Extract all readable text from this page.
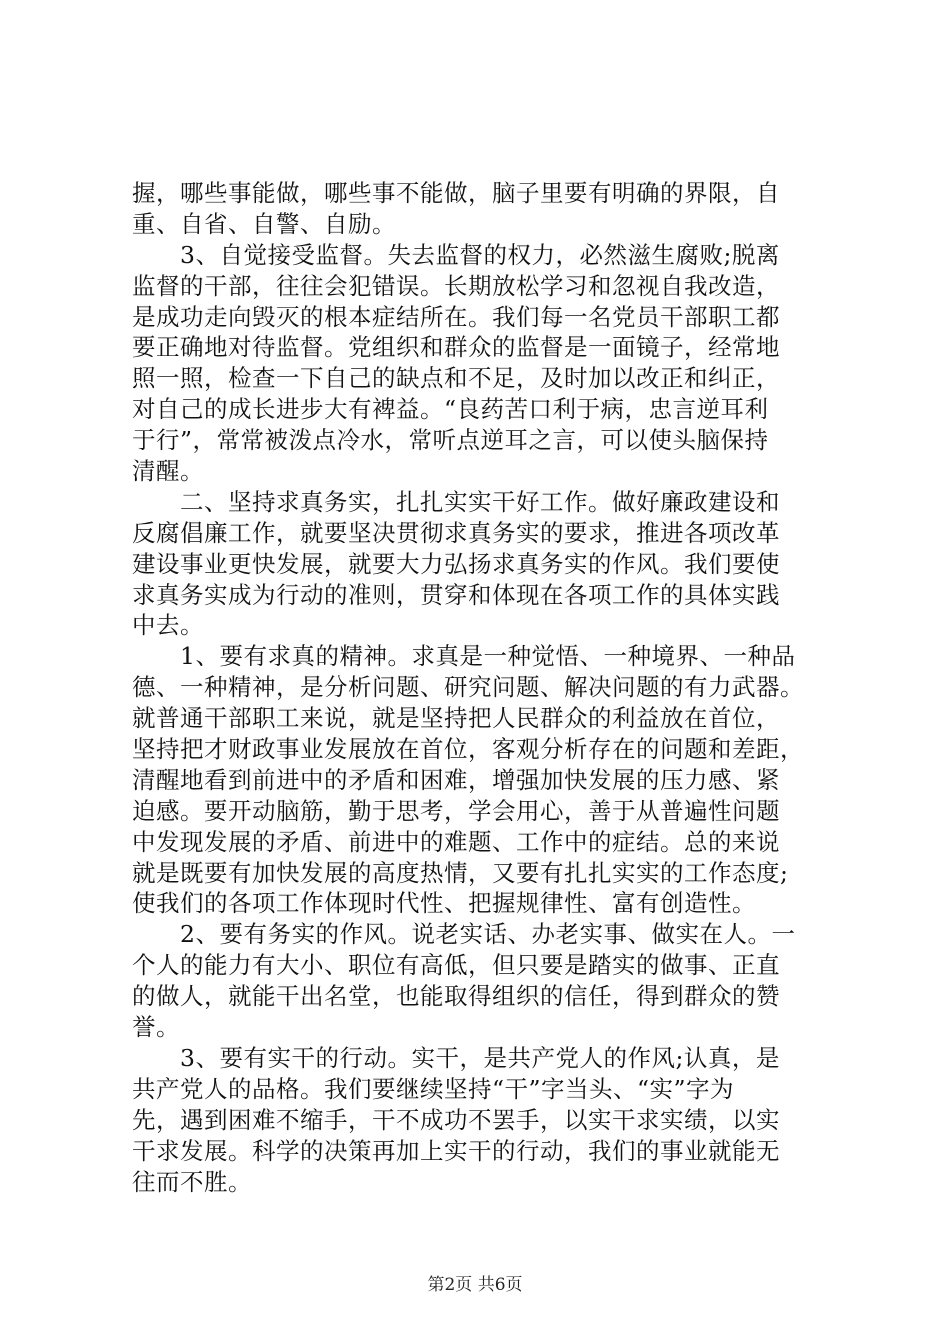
握，哪些事能做，哪些事不能做，脑子里要有明确的界限，自
重、自省、自警、自励。
　　3、自觉接受监督。失去监督的权力，必然滋生腐败;脱离
监督的干部，往往会犯错误。长期放松学习和忽视自我改造，
是成功走向毁灭的根本症结所在。我们每一名党员干部职工都
要正确地对待监督。党组织和群众的监督是一面镜子，经常地
照一照，检查一下自己的缺点和不足，及时加以改正和纠正，
对自己的成长进步大有裨益。“良药苦口利于病，忠言逆耳利
于行”，常常被泼点冷水，常听点逆耳之言，可以使头脑保持
清醒。
　　二、坚持求真务实，扎扎实实干好工作。做好廉政建设和
反腐倡廉工作，就要坚决贯彻求真务实的要求，推进各项改革
建设事业更快发展，就要大力弘扬求真务实的作风。我们要使
求真务实成为行动的准则，贯穿和体现在各项工作的具体实践
中去。
　　1、要有求真的精神。求真是一种觉悟、一种境界、一种品
德、一种精神，是分析问题、研究问题、解决问题的有力武器。
就普通干部职工来说，就是坚持把人民群众的利益放在首位，
坚持把才财政事业发展放在首位，客观分析存在的问题和差距，
清醒地看到前进中的矛盾和困难，增强加快发展的压力感、紧
迫感。要开动脑筋，勤于思考，学会用心，善于从普遍性问题
中发现发展的矛盾、前进中的难题、工作中的症结。总的来说
就是既要有加快发展的高度热情，又要有扎扎实实的工作态度;
使我们的各项工作体现时代性、把握规律性、富有创造性。
　　2、要有务实的作风。说老实话、办老实事、做实在人。一
个人的能力有大小、职位有高低，但只要是踏实的做事、正直
的做人，就能干出名堂，也能取得组织的信任，得到群众的赞
誉。
　　3、要有实干的行动。实干，是共产党人的作风;认真，是
共产党人的品格。我们要继续坚持“干”字当头、“实”字为
先，遇到困难不缩手，干不成功不罢手，以实干求实绩，以实
干求发展。科学的决策再加上实干的行动，我们的事业就能无
往而不胜。
第2页 共6页
